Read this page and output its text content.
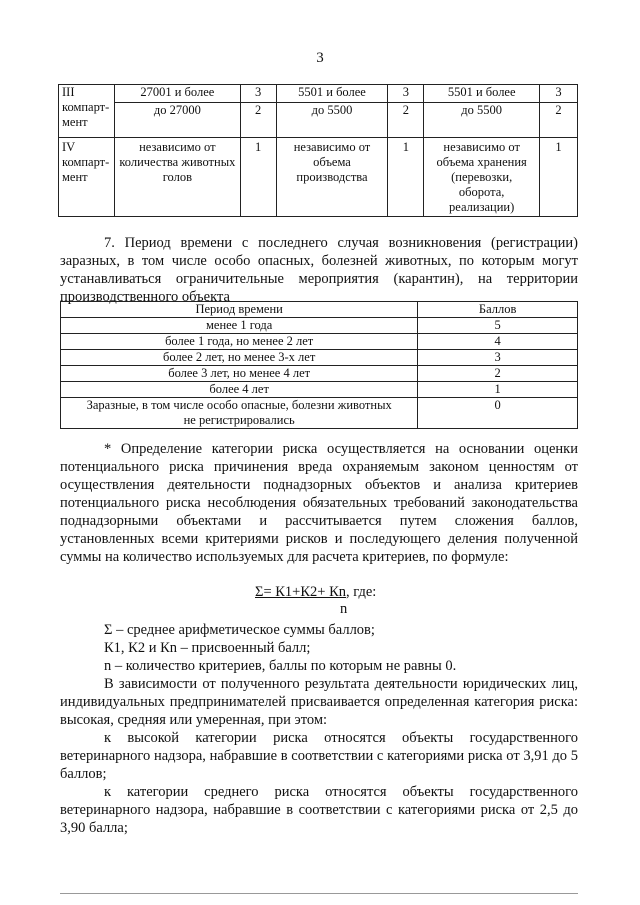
3
III
компарт-
мент	27001 и более	3	5501 и более	3	5501 и более	3
	до 27000	2	до 5500	2	до 5500	2

IV
компарт-
мент	независимо от количества животных голов	1	независимо от объема производства	1	независимо от объема хранения (перевозки, оборота, реализации)	1

7. Период времени с последнего случая возникновения (регистрации) заразных, в том числе особо опасных, болезней животных, по которым могут устанавливаться ограничительные мероприятия (карантин), на территории производственного объекта

Период времени	Баллов
менее 1 года	5
более 1 года, но менее 2 лет	4
более 2 лет, но менее 3-х лет	3
более 3 лет, но менее 4 лет	2
более 4 лет	1
Заразные, в том числе особо опасные, болезни животных не регистрировались	0

* Определение категории риска осуществляется на основании оценки потенциального риска причинения вреда охраняемым законом ценностям от осуществления деятельности поднадзорных объектов и анализа критериев потенциального риска несоблюдения обязательных требований законодательства поднадзорными объектами и рассчитывается путем сложения баллов, установленных всеми критериями рисков и последующего деления полученной суммы на количество используемых для расчета критериев, по формуле:

Σ= К1+К2+ Кn, где:
n

Σ – среднее арифметическое суммы баллов;

К1, К2 и Кn – присвоенный балл;

n – количество критериев, баллы по которым не равны 0.

В зависимости от полученного результата деятельности юридических лиц, индивидуальных предпринимателей присваивается определенная категория риска: высокая, средняя или умеренная, при этом:

к высокой категории риска относятся объекты государственного ветеринарного надзора, набравшие в соответствии с категориями риска от 3,91 до 5 баллов;

к категории среднего риска относятся объекты государственного ветеринарного надзора, набравшие в соответствии с категориями риска от 2,5 до 3,90 балла;
